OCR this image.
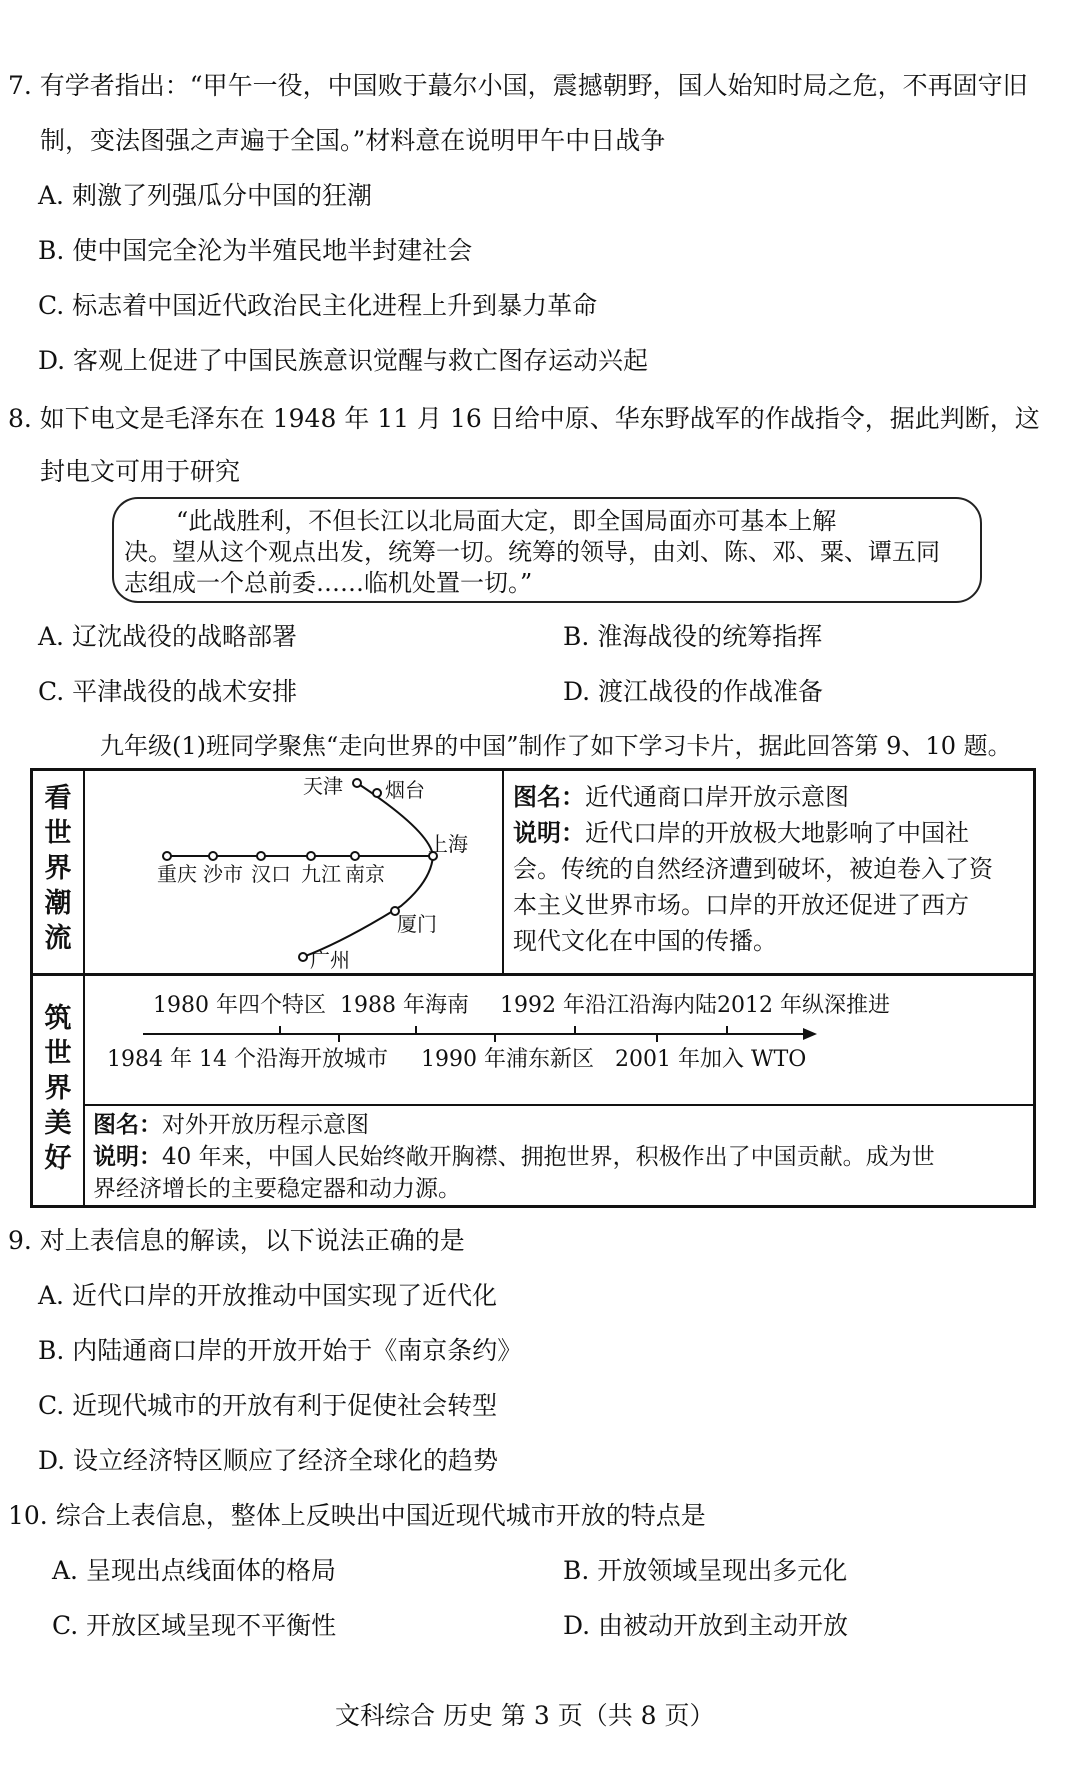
7. 有学者指出：“甲午一役，中国败于蕞尔小国，震撼朝野，国人始知时局之危，不再固守旧
制，变法图强之声遍于全国。”材料意在说明甲午中日战争
A. 刺激了列强瓜分中国的狂潮
B. 使中国完全沦为半殖民地半封建社会
C. 标志着中国近代政治民主化进程上升到暴力革命
D. 客观上促进了中国民族意识觉醒与救亡图存运动兴起
8. 如下电文是毛泽东在 1948 年 11 月 16 日给中原、华东野战军的作战指令，据此判断，这
封电文可用于研究
“此战胜利，不但长江以北局面大定，即全国局面亦可基本上解
决。望从这个观点出发，统筹一切。统筹的领导，由刘、陈、邓、粟、谭五同
志组成一个总前委……临机处置一切。”
A. 辽沈战役的战略部署	B. 淮海战役的统筹指挥
C. 平津战役的战术安排	D. 渡江战役的作战准备
九年级(1)班同学聚焦“走向世界的中国”制作了如下学习卡片，据此回答第 9、10 题。
看世界潮流
筑世界美好
天津 烟台
上海
厦门
广州
重庆 沙市 汉口 九江 南京
图名：近代通商口岸开放示意图
说明：近代口岸的开放极大地影响了中国社
会。传统的自然经济遭到破坏，被迫卷入了资
本主义世界市场。口岸的开放还促进了西方
现代文化在中国的传播。
1980 年四个特区 1988 年海南 1992 年沿江沿海内陆 2012 年纵深推进
1984 年 14 个沿海开放城市 1990 年浦东新区 2001 年加入 WTO
图名：对外开放历程示意图
说明：40 年来，中国人民始终敞开胸襟、拥抱世界，积极作出了中国贡献。成为世
界经济增长的主要稳定器和动力源。
9. 对上表信息的解读，以下说法正确的是
A. 近代口岸的开放推动中国实现了近代化
B. 内陆通商口岸的开放开始于《南京条约》
C. 近现代城市的开放有利于促使社会转型
D. 设立经济特区顺应了经济全球化的趋势
10. 综合上表信息，整体上反映出中国近现代城市开放的特点是
A. 呈现出点线面体的格局	B. 开放领域呈现出多元化
C. 开放区域呈现不平衡性	D. 由被动开放到主动开放
文科综合 历史 第 3 页（共 8 页）
